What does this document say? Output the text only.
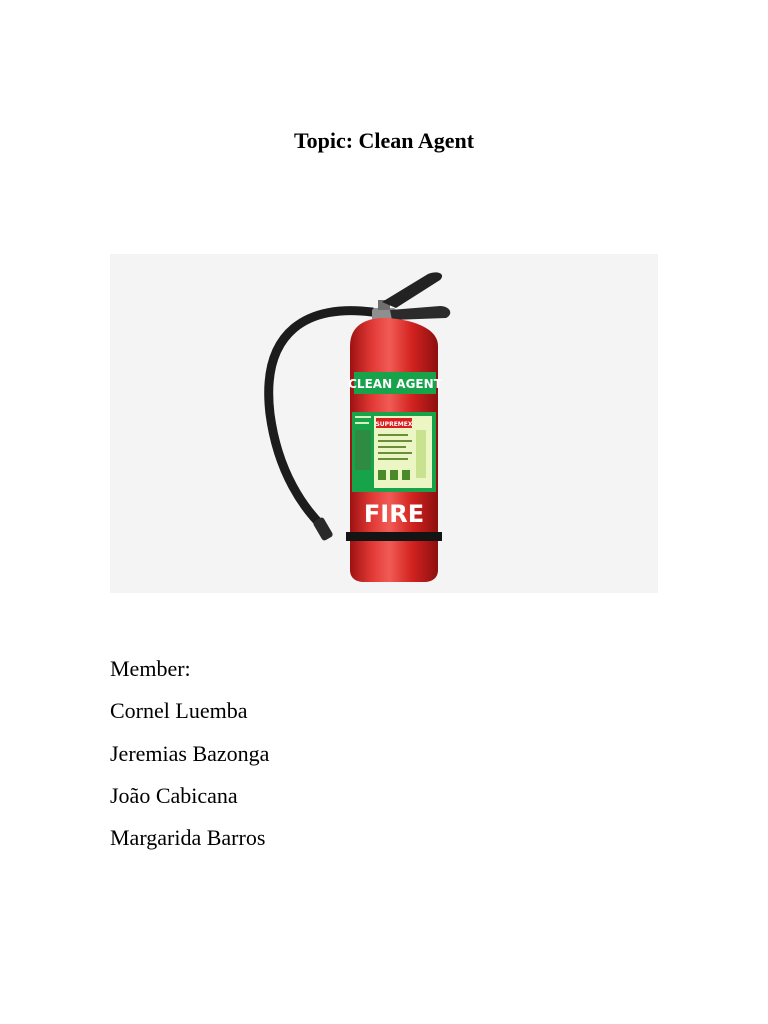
Topic: Clean Agent
CLEAN AGENT
SUPREMEX
FIRE
Member:
Cornel Luemba
Jeremias Bazonga
João Cabicana
Margarida Barros
